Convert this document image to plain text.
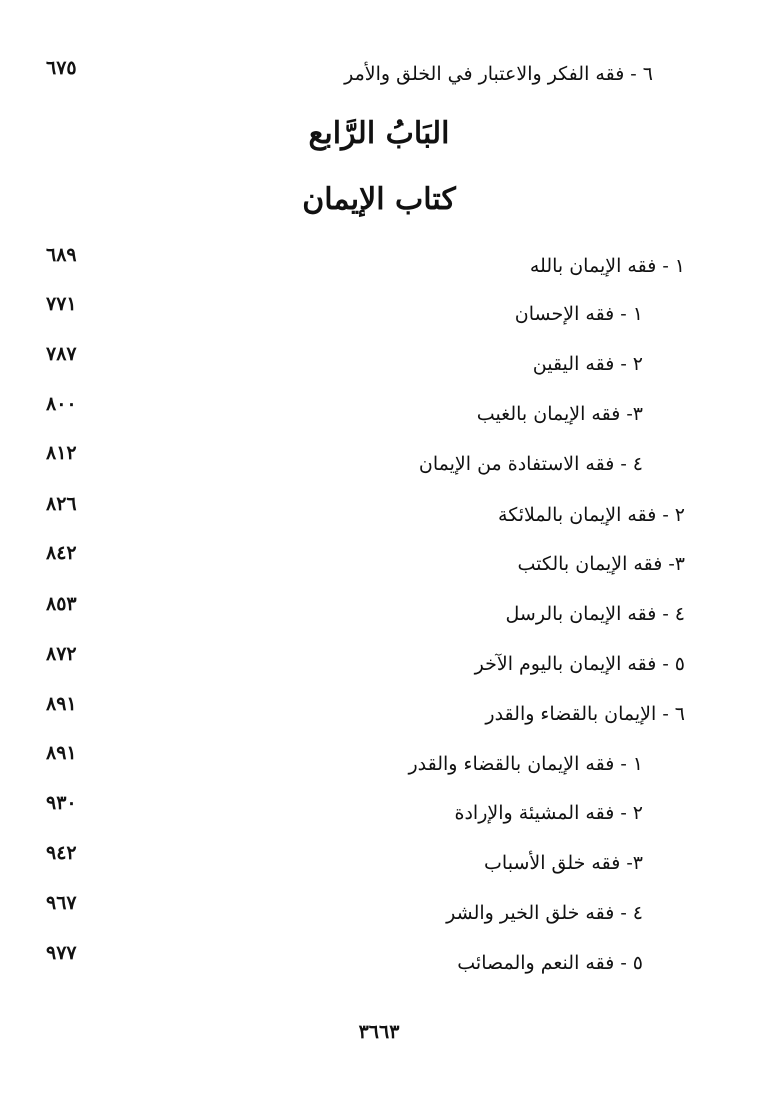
٦ - فقه الفكر والاعتبار في الخلق والأمر
٦٧٥
البَابُ الرَّابع
كتاب الإيمان
١ - فقه الإيمان بالله
٦٨٩
١ - فقه الإحسان
٧٧١
٢ - فقه اليقين
٧٨٧
٣- فقه الإيمان بالغيب
٨٠٠
٤ - فقه الاستفادة من الإيمان
٨١٢
٢ - فقه الإيمان بالملائكة
٨٢٦
٣- فقه الإيمان بالكتب
٨٤٢
٤ - فقه الإيمان بالرسل
٨٥٣
٥ - فقه الإيمان باليوم الآخر
٨٧٢
٦ - الإيمان بالقضاء والقدر
٨٩١
١ - فقه الإيمان بالقضاء والقدر
٨٩١
٢ - فقه المشيئة والإرادة
٩٣٠
٣- فقه خلق الأسباب
٩٤٢
٤ - فقه خلق الخير والشر
٩٦٧
٥ - فقه النعم والمصائب
٩٧٧
٣٦٦٣
